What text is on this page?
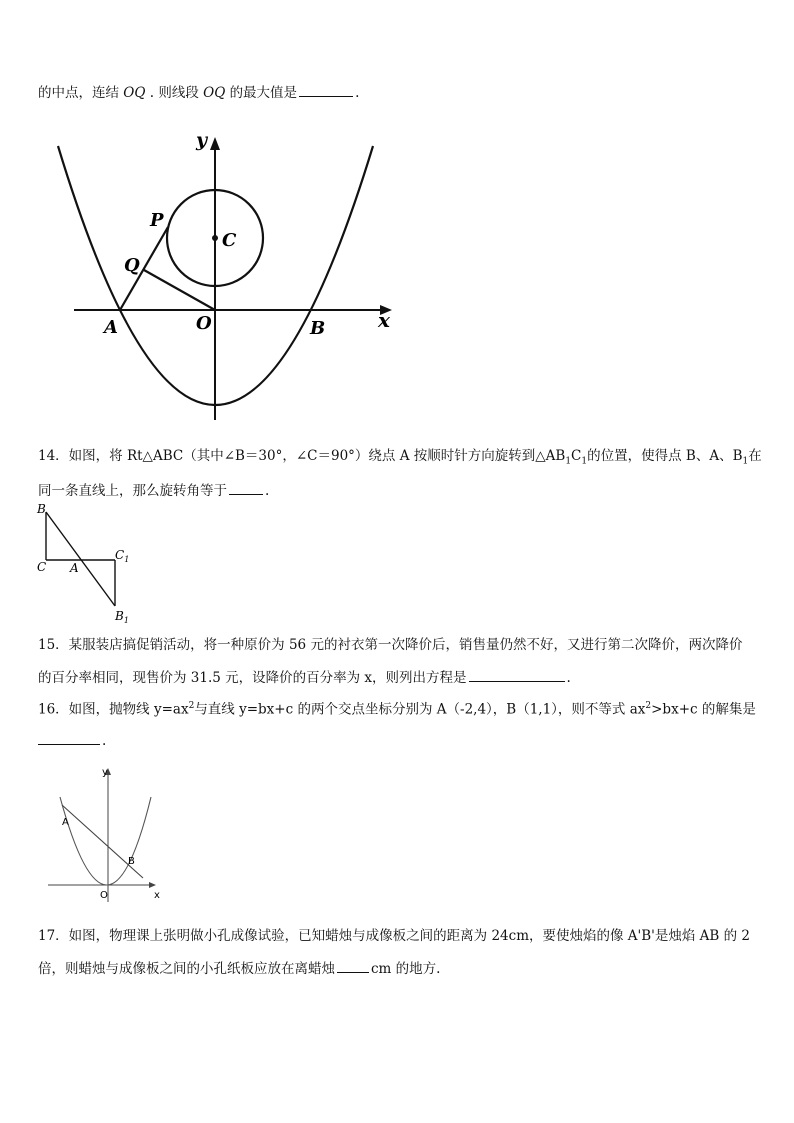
的中点，连结 OQ . 则线段 OQ 的最大值是	.
y
x
P
C
Q
A	O	B
14．如图，将 Rt△ABC（其中∠B＝30°，∠C＝90°）绕点 A 按顺时针方向旋转到$\triangle AB_1C_1$的位置，使得点 B、A、$B_1$在
同一条直线上，那么旋转角等于	.
B
C A
$C_1$
$B_1$
15．某服装店搞促销活动，将一种原价为 56 元的衬衣第一次降价后，销售量仍然不好，又进行第二次降价，两次降价
的百分率相同，现售价为 31.5 元，设降价的百分率为 x，则列出方程是	.
16．如图，抛物线 $y=ax^2$与直线 y=bx+c 的两个交点坐标分别为 A（-2,4），B（1,1），则不等式 $ax^2>bx+c$ 的解集是
.
y
x
A
B
O
17．如图，物理课上张明做小孔成像试验，已知蜡烛与成像板之间的距离为 24cm，要使烛焰的像 A'B'是烛焰 AB 的 2
倍，则蜡烛与成像板之间的小孔纸板应放在离蜡烛	cm 的地方.
